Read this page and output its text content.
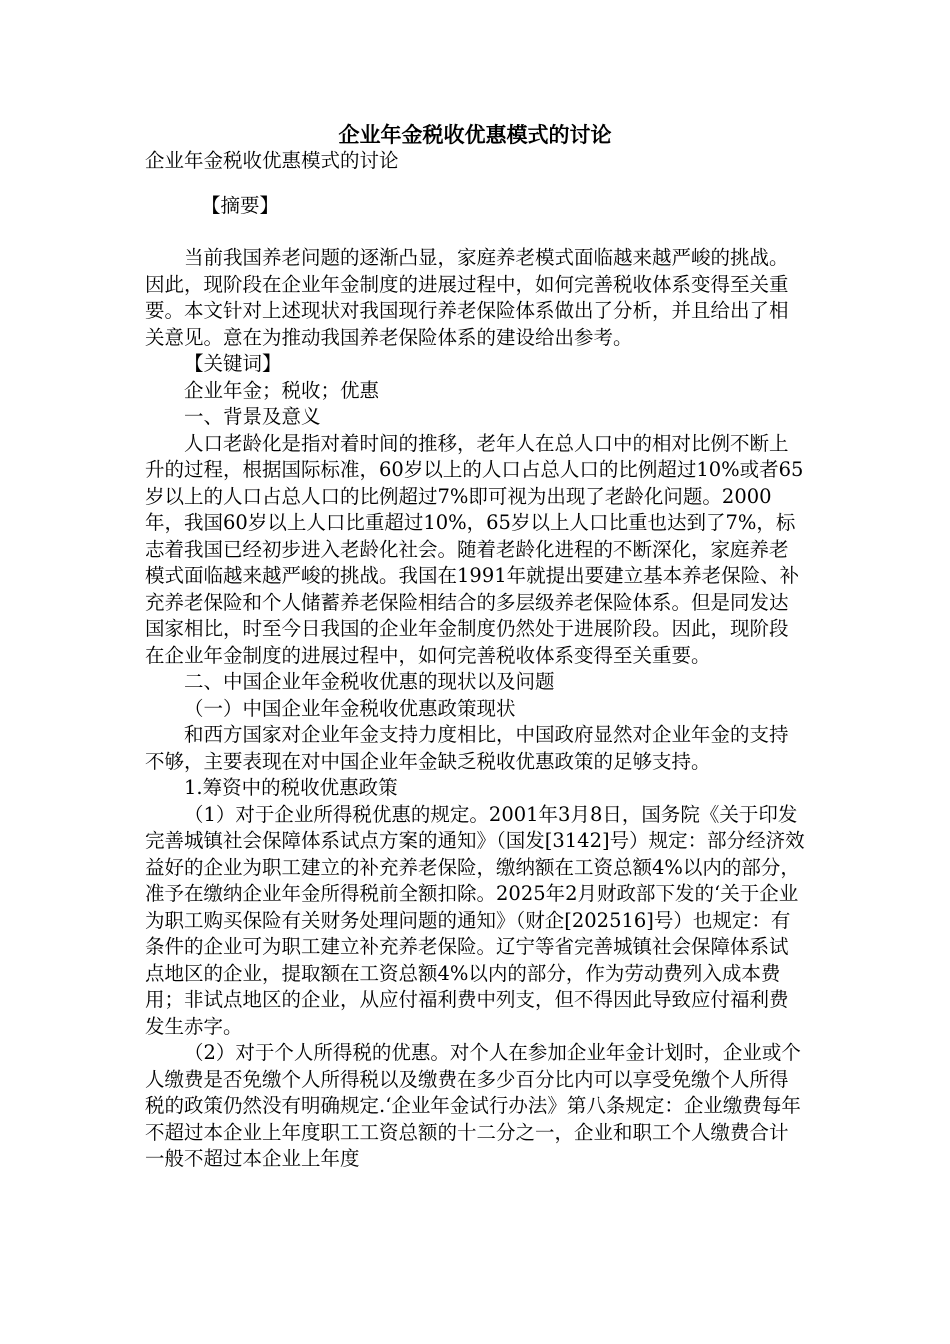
企业年金税收优惠模式的讨论

企业年金税收优惠模式的讨论

【摘要】

当前我国养老问题的逐渐凸显，家庭养老模式面临越来越严峻的挑战。因此，现阶段在企业年金制度的进展过程中，如何完善税收体系变得至关重要。本文针对上述现状对我国现行养老保险体系做出了分析，并且给出了相关意见。意在为推动我国养老保险体系的建设给出参考。

【关键词】

企业年金；税收；优惠

一、背景及意义

人口老龄化是指对着时间的推移，老年人在总人口中的相对比例不断上升的过程，根据国际标准，60岁以上的人口占总人口的比例超过10%或者65岁以上的人口占总人口的比例超过7%即可视为出现了老龄化问题。2000年，我国60岁以上人口比重超过10%，65岁以上人口比重也达到了7%，标志着我国已经初步进入老龄化社会。随着老龄化进程的不断深化，家庭养老模式面临越来越严峻的挑战。我国在1991年就提出要建立基本养老保险、补充养老保险和个人储蓄养老保险相结合的多层级养老保险体系。但是同发达国家相比，时至今日我国的企业年金制度仍然处于进展阶段。因此，现阶段在企业年金制度的进展过程中，如何完善税收体系变得至关重要。

二、中国企业年金税收优惠的现状以及问题

（一）中国企业年金税收优惠政策现状

和西方国家对企业年金支持力度相比，中国政府显然对企业年金的支持不够，主要表现在对中国企业年金缺乏税收优惠政策的足够支持。

1.筹资中的税收优惠政策

（1）对于企业所得税优惠的规定。2001年3月8日，国务院《关于印发完善城镇社会保障体系试点方案的通知》（国发[3142]号）规定：部分经济效益好的企业为职工建立的补充养老保险，缴纳额在工资总额4%以内的部分，准予在缴纳企业年金所得税前全额扣除。2025年2月财政部下发的‘关于企业为职工购买保险有关财务处理问题的通知》（财企[202516]号）也规定：有条件的企业可为职工建立补充养老保险。辽宁等省完善城镇社会保障体系试点地区的企业，提取额在工资总额4%以内的部分，作为劳动费列入成本费用；非试点地区的企业，从应付福利费中列支，但不得因此导致应付福利费发生赤字。

（2）对于个人所得税的优惠。对个人在参加企业年金计划时，企业或个人缴费是否免缴个人所得税以及缴费在多少百分比内可以享受免缴个人所得税的政策仍然没有明确规定.‘企业年金试行办法》第八条规定：企业缴费每年不超过本企业上年度职工工资总额的十二分之一，企业和职工个人缴费合计一般不超过本企业上年度
